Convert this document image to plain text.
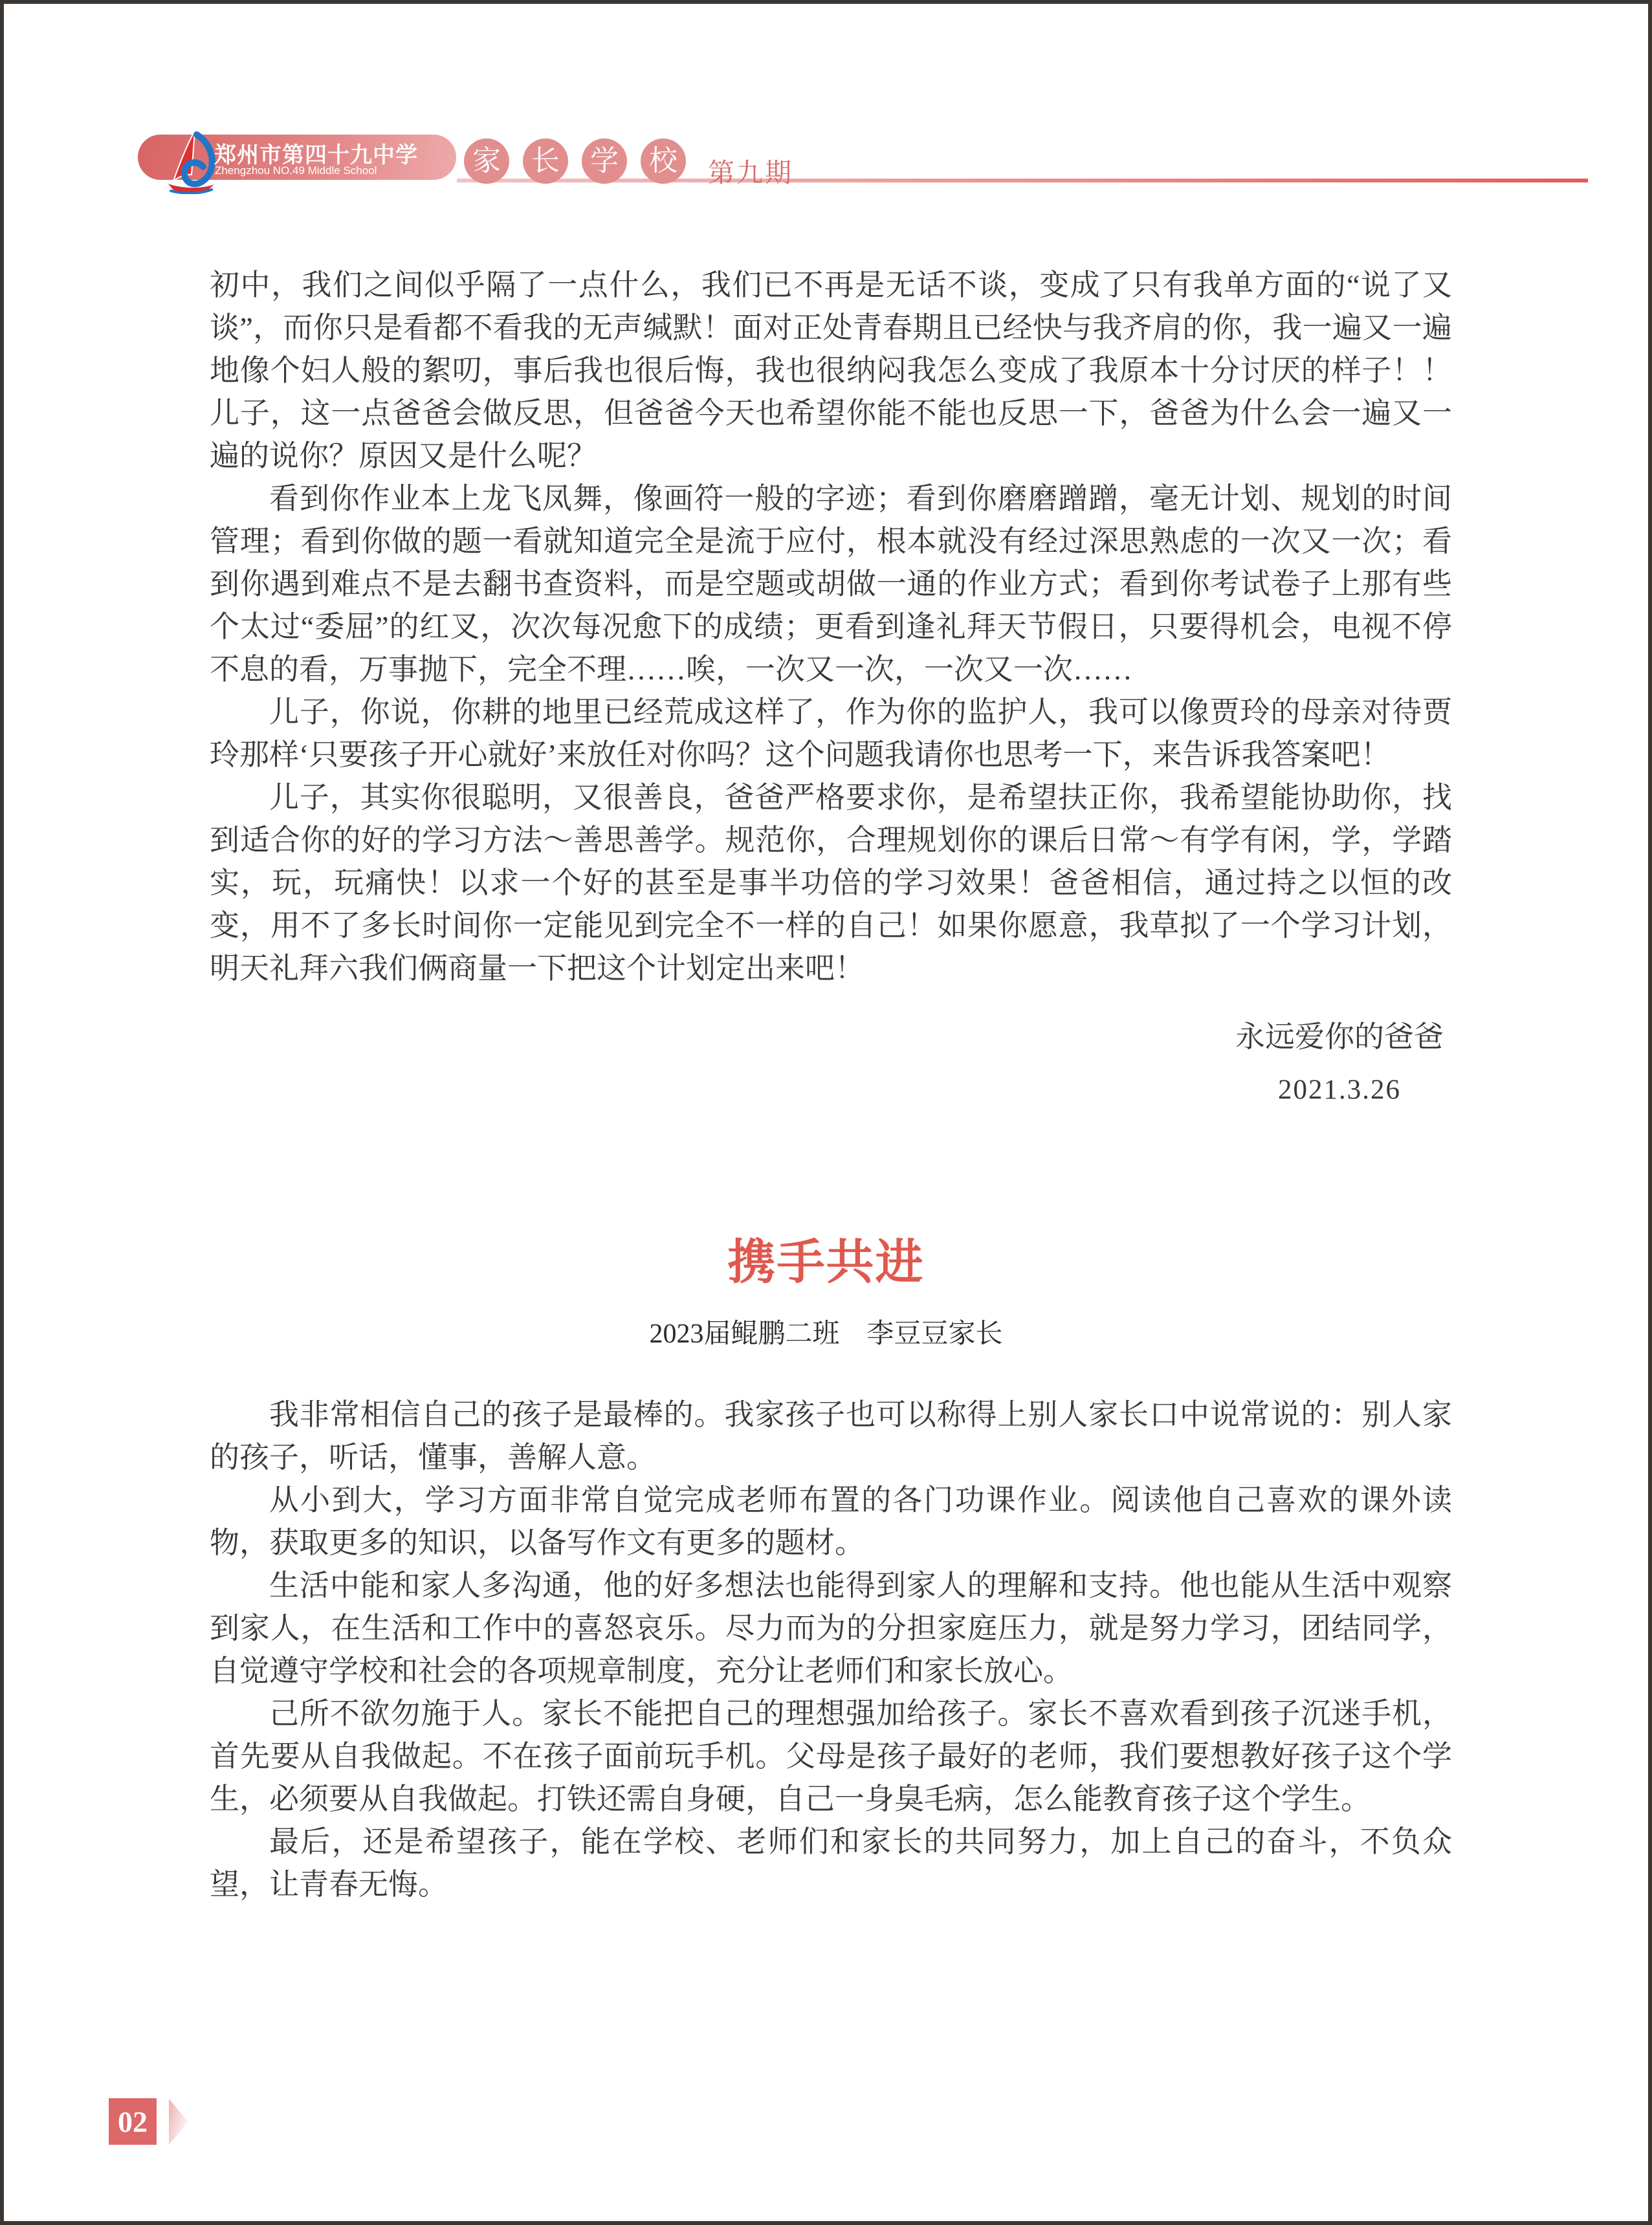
郑州市第四十九中学
Zhengzhou NO.49 Middle School	家 长 学 校	第九期

初中，我们之间似乎隔了一点什么，我们已不再是无话不谈，变成了只有我单方面的“说了又谈”，而你只是看都不看我的无声缄默！面对正处青春期且已经快与我齐肩的你，我一遍又一遍地像个妇人般的絮叨，事后我也很后悔，我也很纳闷我怎么变成了我原本十分讨厌的样子！！儿子，这一点爸爸会做反思，但爸爸今天也希望你能不能也反思一下，爸爸为什么会一遍又一遍的说你？原因又是什么呢？

看到你作业本上龙飞凤舞，像画符一般的字迹；看到你磨磨蹭蹭，毫无计划、规划的时间管理；看到你做的题一看就知道完全是流于应付，根本就没有经过深思熟虑的一次又一次；看到你遇到难点不是去翻书查资料，而是空题或胡做一通的作业方式；看到你考试卷子上那有些个太过“委屈”的红叉，次次每况愈下的成绩；更看到逢礼拜天节假日，只要得机会，电视不停不息的看，万事抛下，完全不理……唉，一次又一次，一次又一次……

儿子，你说，你耕的地里已经荒成这样了，作为你的监护人，我可以像贾玲的母亲对待贾玲那样‘只要孩子开心就好’来放任对你吗？这个问题我请你也思考一下，来告诉我答案吧！

儿子，其实你很聪明，又很善良，爸爸严格要求你，是希望扶正你，我希望能协助你，找到适合你的好的学习方法～善思善学。规范你，合理规划你的课后日常～有学有闲，学，学踏实，玩，玩痛快！以求一个好的甚至是事半功倍的学习效果！爸爸相信，通过持之以恒的改变，用不了多长时间你一定能见到完全不一样的自己！如果你愿意，我草拟了一个学习计划，明天礼拜六我们俩商量一下把这个计划定出来吧！

永远爱你的爸爸
2021.3.26
携手共进
2023届鲲鹏二班　李豆豆家长

我非常相信自己的孩子是最棒的。我家孩子也可以称得上别人家长口中说常说的：别人家的孩子，听话，懂事，善解人意。

从小到大，学习方面非常自觉完成老师布置的各门功课作业。阅读他自己喜欢的课外读物，获取更多的知识，以备写作文有更多的题材。

生活中能和家人多沟通，他的好多想法也能得到家人的理解和支持。他也能从生活中观察到家人，在生活和工作中的喜怒哀乐。尽力而为的分担家庭压力，就是努力学习，团结同学，自觉遵守学校和社会的各项规章制度，充分让老师们和家长放心。

己所不欲勿施于人。家长不能把自己的理想强加给孩子。家长不喜欢看到孩子沉迷手机，首先要从自我做起。不在孩子面前玩手机。父母是孩子最好的老师，我们要想教好孩子这个学生，必须要从自我做起。打铁还需自身硬，自己一身臭毛病，怎么能教育孩子这个学生。

最后，还是希望孩子，能在学校、老师们和家长的共同努力，加上自己的奋斗，不负众望，让青春无悔。

02
